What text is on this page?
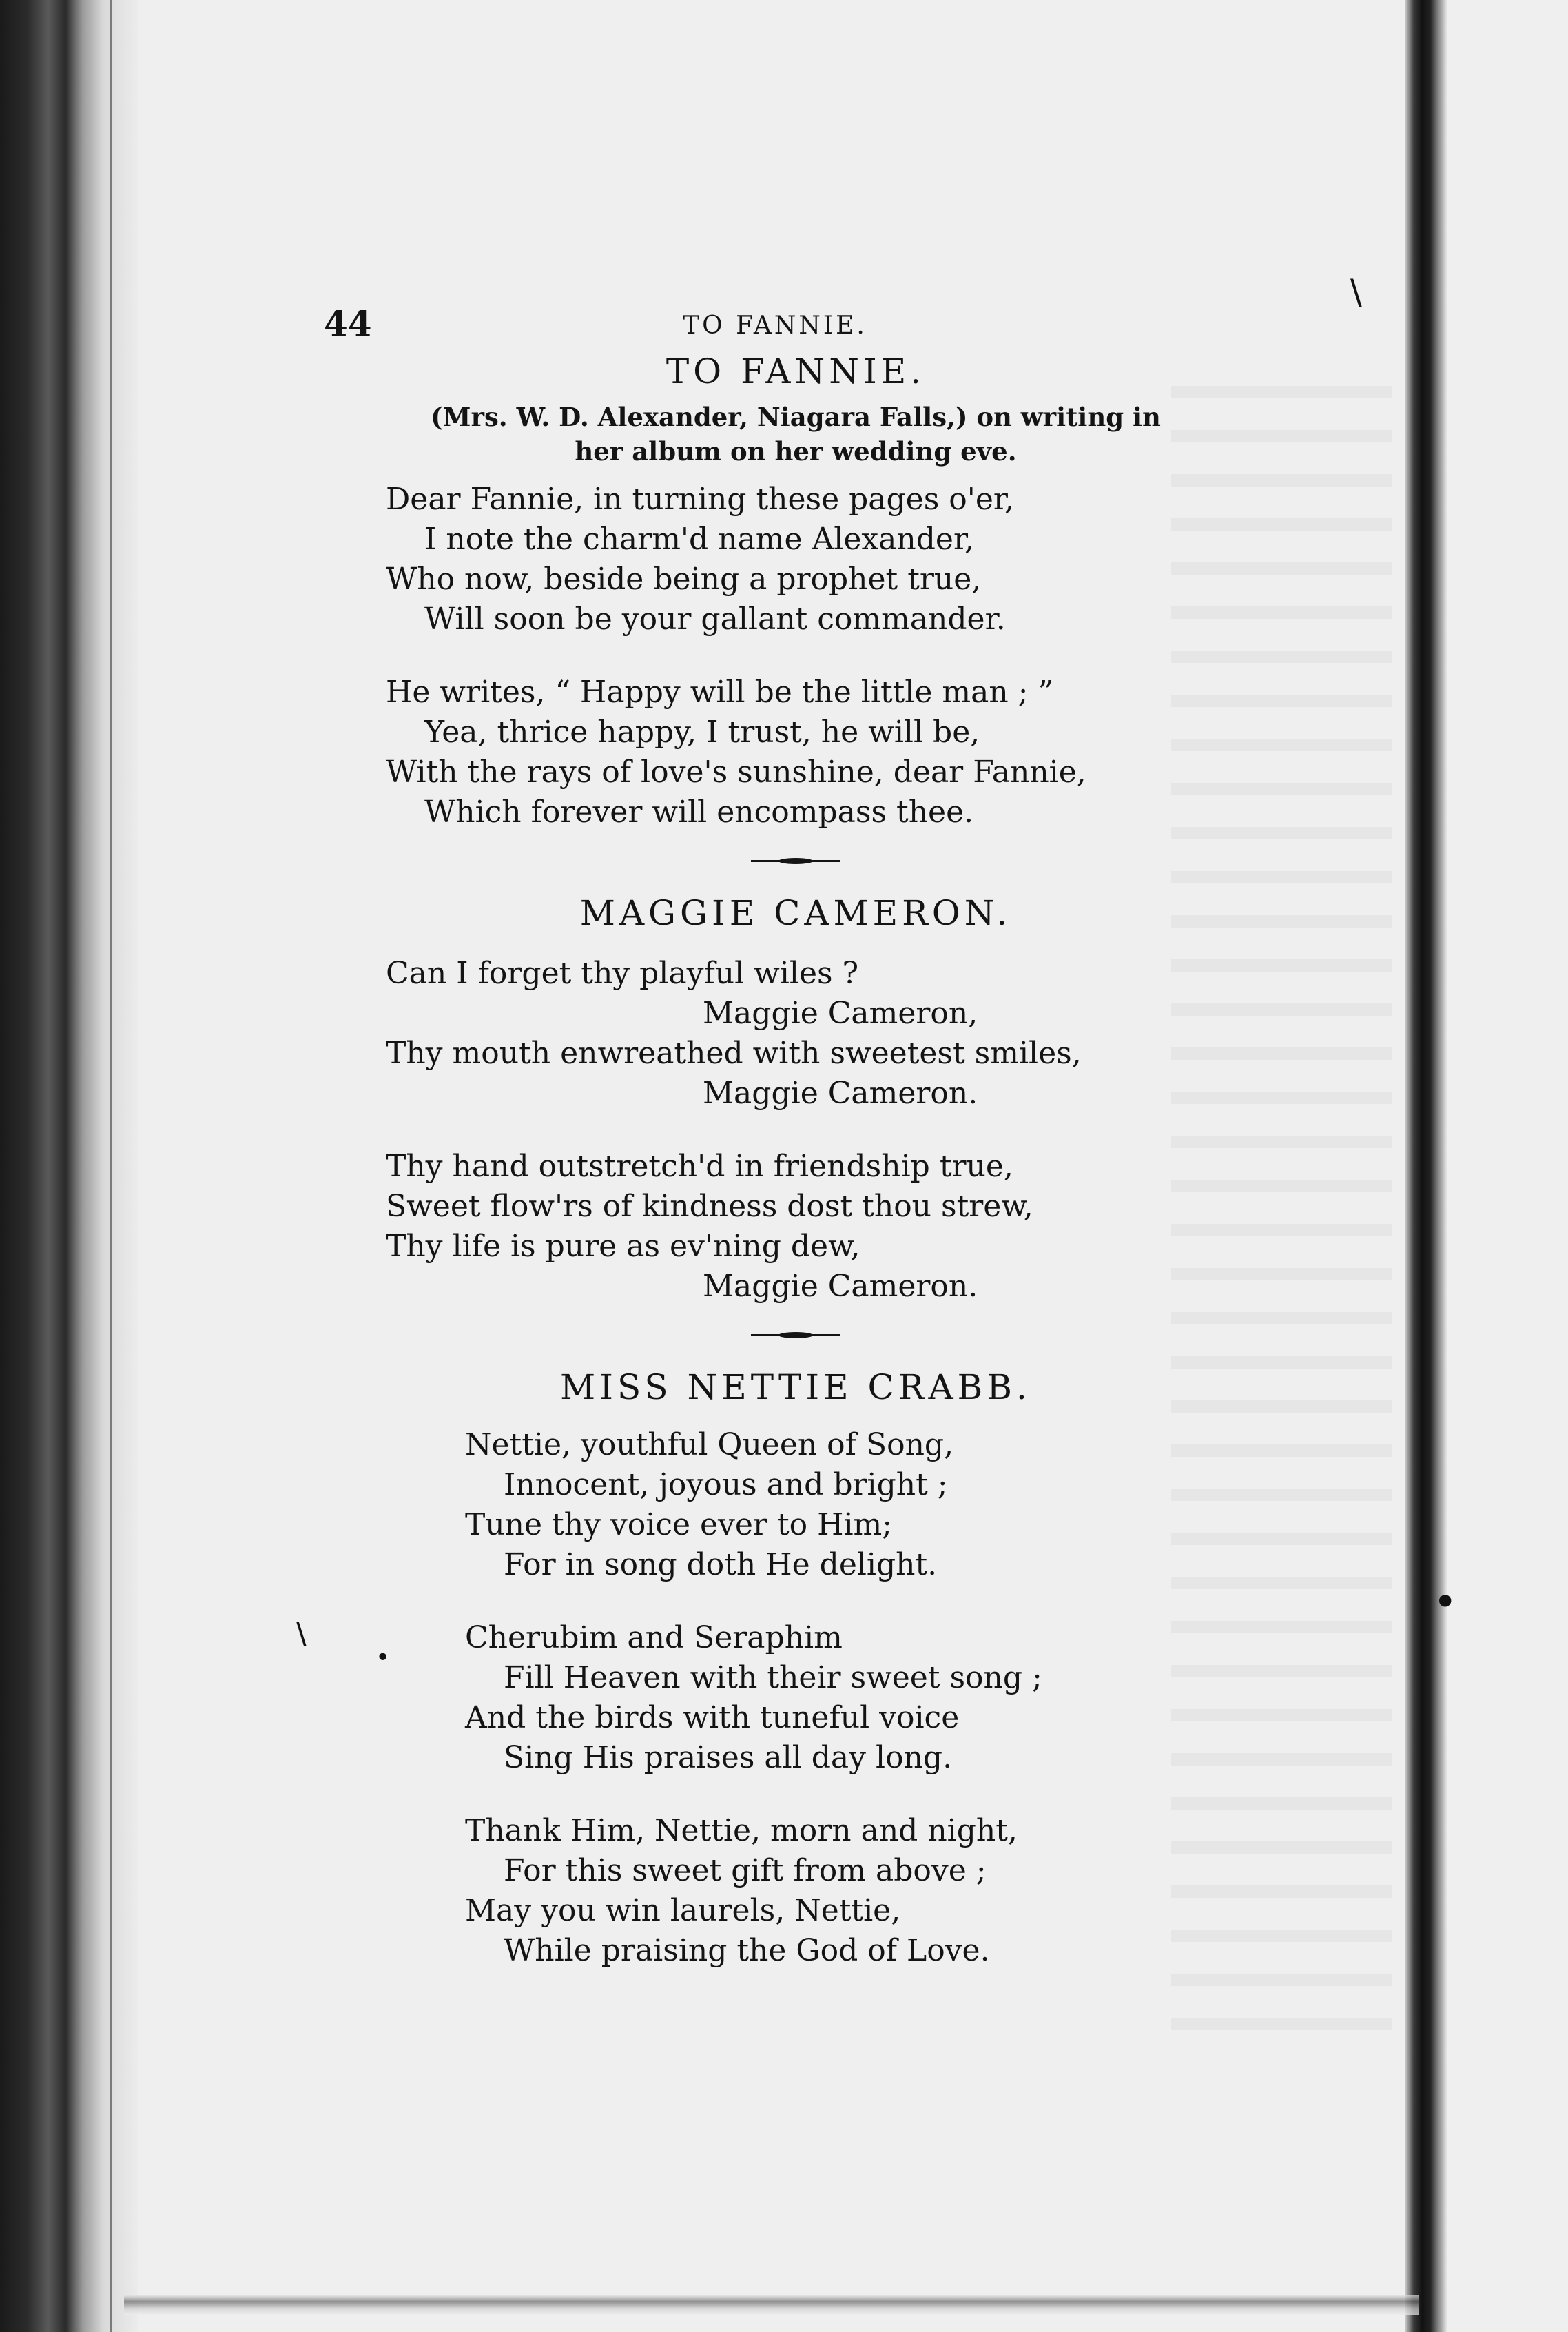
\
•
•
\
44	TO FANNIE.
TO FANNIE.
(Mrs. W. D. Alexander, Niagara Falls,) on writing in
her album on her wedding eve.
Dear Fannie, in turning these pages o'er,
I note the charm'd name Alexander,
Who now, beside being a prophet true,
Will soon be your gallant commander.
He writes, “ Happy will be the little man ; ”
Yea, thrice happy, I trust, he will be,
With the rays of love's sunshine, dear Fannie,
Which forever will encompass thee.
MAGGIE CAMERON.
Can I forget thy playful wiles ?
Maggie Cameron,
Thy mouth enwreathed with sweetest smiles,
Maggie Cameron.
Thy hand outstretch'd in friendship true,
Sweet flow'rs of kindness dost thou strew,
Thy life is pure as ev'ning dew,
Maggie Cameron.
MISS NETTIE CRABB.
Nettie, youthful Queen of Song,
Innocent, joyous and bright ;
Tune thy voice ever to Him;
For in song doth He delight.
Cherubim and Seraphim
Fill Heaven with their sweet song ;
And the birds with tuneful voice
Sing His praises all day long.
Thank Him, Nettie, morn and night,
For this sweet gift from above ;
May you win laurels, Nettie,
While praising the God of Love.
